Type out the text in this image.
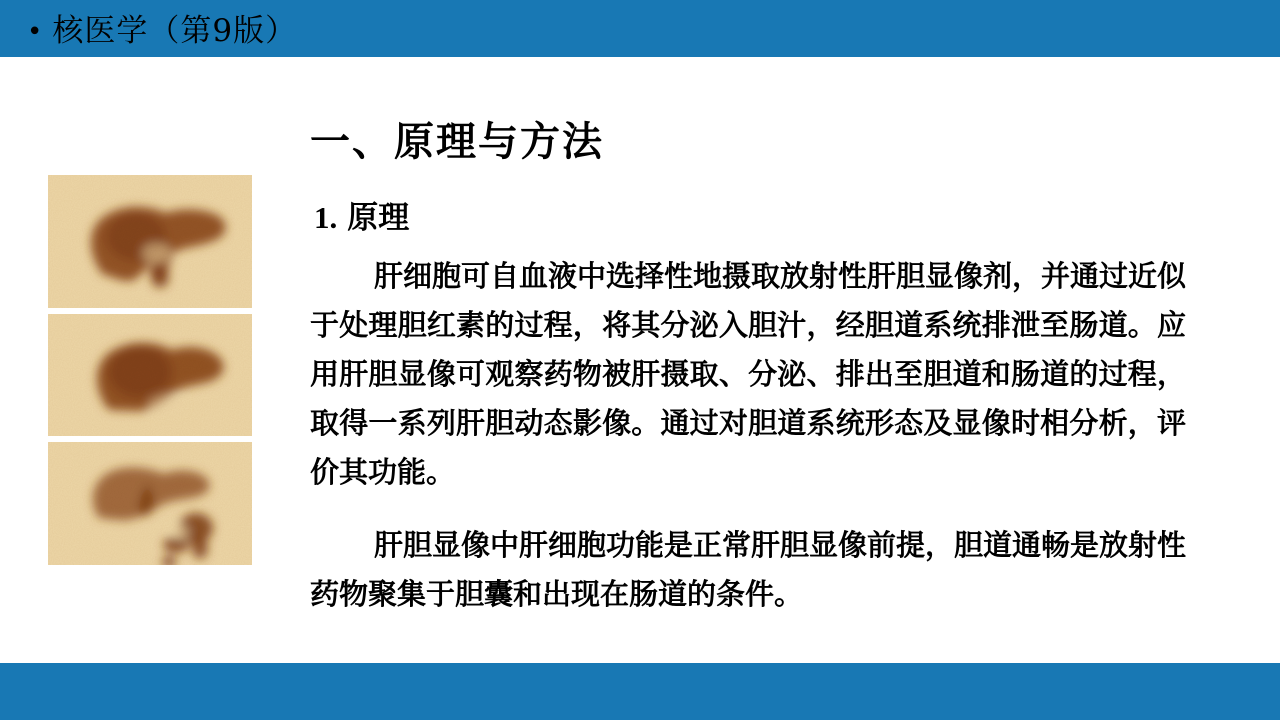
• 核医学（第9版）
一、原理与方法
1. 原理

肝细胞可自血液中选择性地摄取放射性肝胆显像剂，并通过近似于处理胆红素的过程，将其分泌入胆汁，经胆道系统排泄至肠道。应用肝胆显像可观察药物被肝摄取、分泌、排出至胆道和肠道的过程，取得一系列肝胆动态影像。通过对胆道系统形态及显像时相分析，评价其功能。

肝胆显像中肝细胞功能是正常肝胆显像前提，胆道通畅是放射性药物聚集于胆囊和出现在肠道的条件。
